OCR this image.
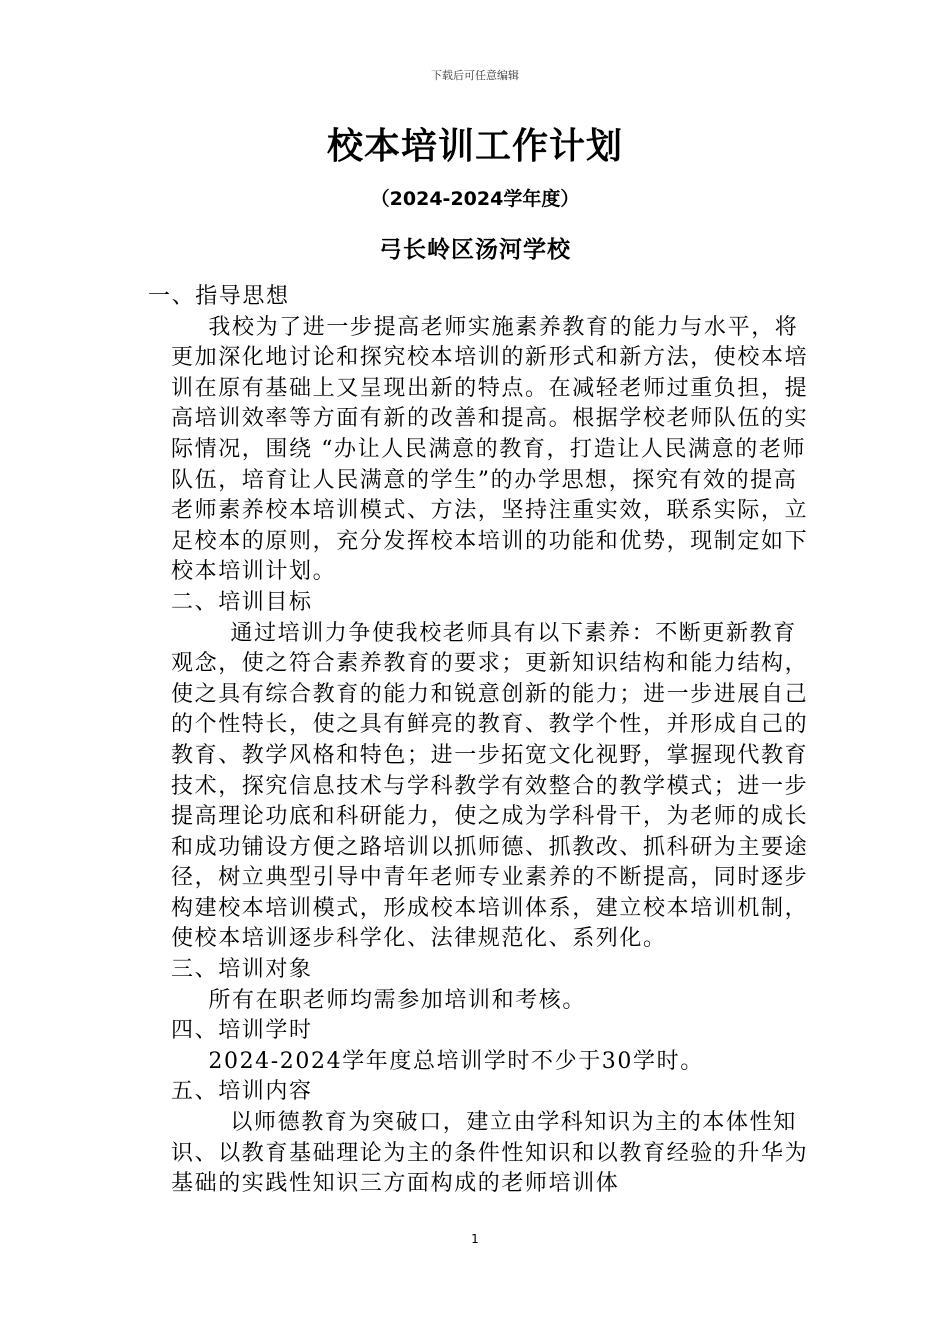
下载后可任意编辑
校本培训工作计划
（2024-2024学年度）
弓长岭区汤河学校
一、指导思想
我校为了进一步提高老师实施素养教育的能力与水平，将更加深化地讨论和探究校本培训的新形式和新方法，使校本培训在原有基础上又呈现出新的特点。在减轻老师过重负担，提高培训效率等方面有新的改善和提高。根据学校老师队伍的实际情况，围绕 “办让人民满意的教育，打造让人民满意的老师队伍，培育让人民满意的学生”的办学思想，探究有效的提高老师素养校本培训模式、方法，坚持注重实效，联系实际，立足校本的原则，充分发挥校本培训的功能和优势，现制定如下校本培训计划。
二、培训目标
通过培训力争使我校老师具有以下素养：不断更新教育观念，使之符合素养教育的要求；更新知识结构和能力结构，使之具有综合教育的能力和锐意创新的能力；进一步进展自己的个性特长，使之具有鲜亮的教育、教学个性，并形成自己的教育、教学风格和特色；进一步拓宽文化视野，掌握现代教育技术，探究信息技术与学科教学有效整合的教学模式；进一步提高理论功底和科研能力，使之成为学科骨干，为老师的成长和成功铺设方便之路培训以抓师德、抓教改、抓科研为主要途径，树立典型引导中青年老师专业素养的不断提高，同时逐步构建校本培训模式，形成校本培训体系，建立校本培训机制，使校本培训逐步科学化、法律规范化、系列化。
三、培训对象
所有在职老师均需参加培训和考核。
四、培训学时
2024-2024学年度总培训学时不少于30学时。
五、培训内容
以师德教育为突破口，建立由学科知识为主的本体性知识、以教育基础理论为主的条件性知识和以教育经验的升华为基础的实践性知识三方面构成的老师培训体
1
